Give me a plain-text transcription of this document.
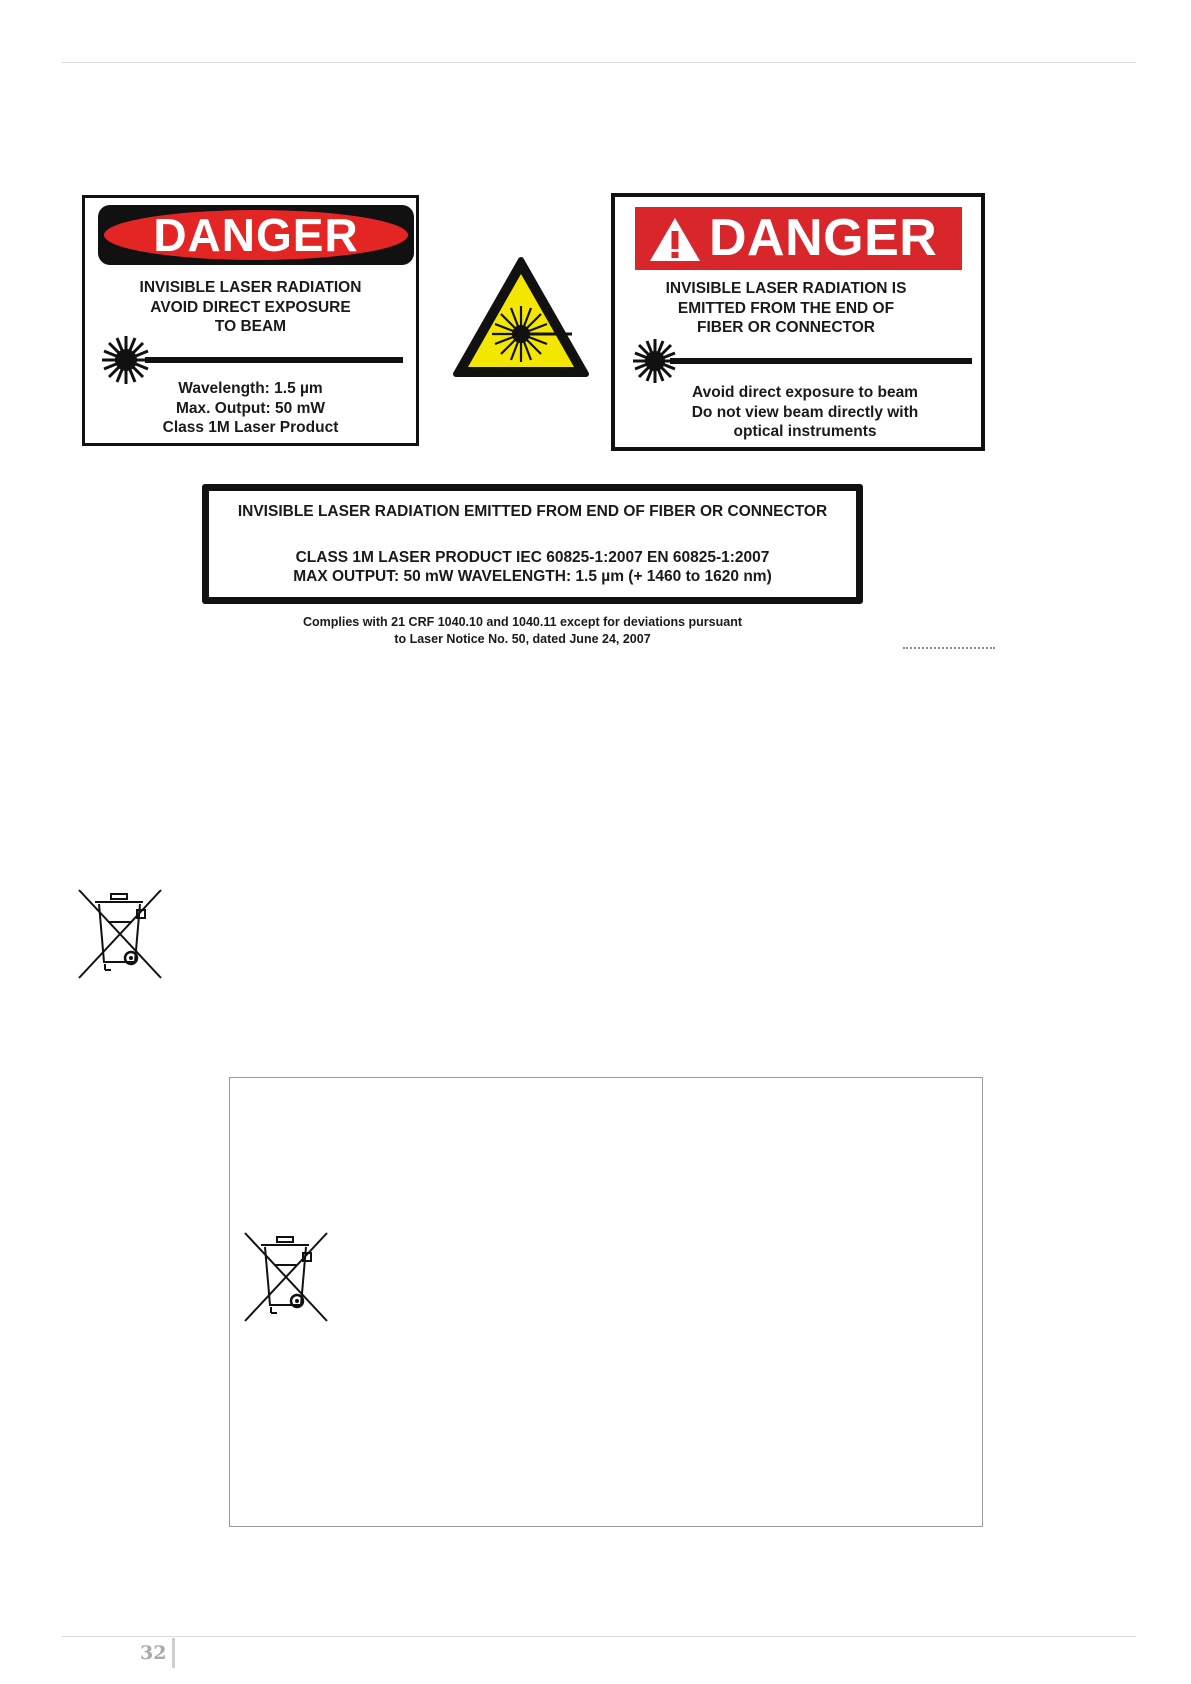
DANGER
INVISIBLE LASER RADIATION
AVOID DIRECT EXPOSURE
TO BEAM
Wavelength: 1.5 µm
Max. Output: 50 mW
Class 1M Laser Product
DANGER
INVISIBLE LASER RADIATION IS
EMITTED FROM THE END OF
FIBER OR CONNECTOR
Avoid direct exposure to beam
Do not view beam directly with
optical instruments
INVISIBLE LASER RADIATION EMITTED FROM END OF FIBER OR CONNECTOR
CLASS 1M LASER PRODUCT IEC 60825-1:2007 EN 60825-1:2007
MAX OUTPUT: 50 mW WAVELENGTH: 1.5 µm (+ 1460 to 1620 nm)
Complies with 21 CRF 1040.10 and 1040.11 except for deviations pursuant
to Laser Notice No. 50, dated June 24, 2007
32
